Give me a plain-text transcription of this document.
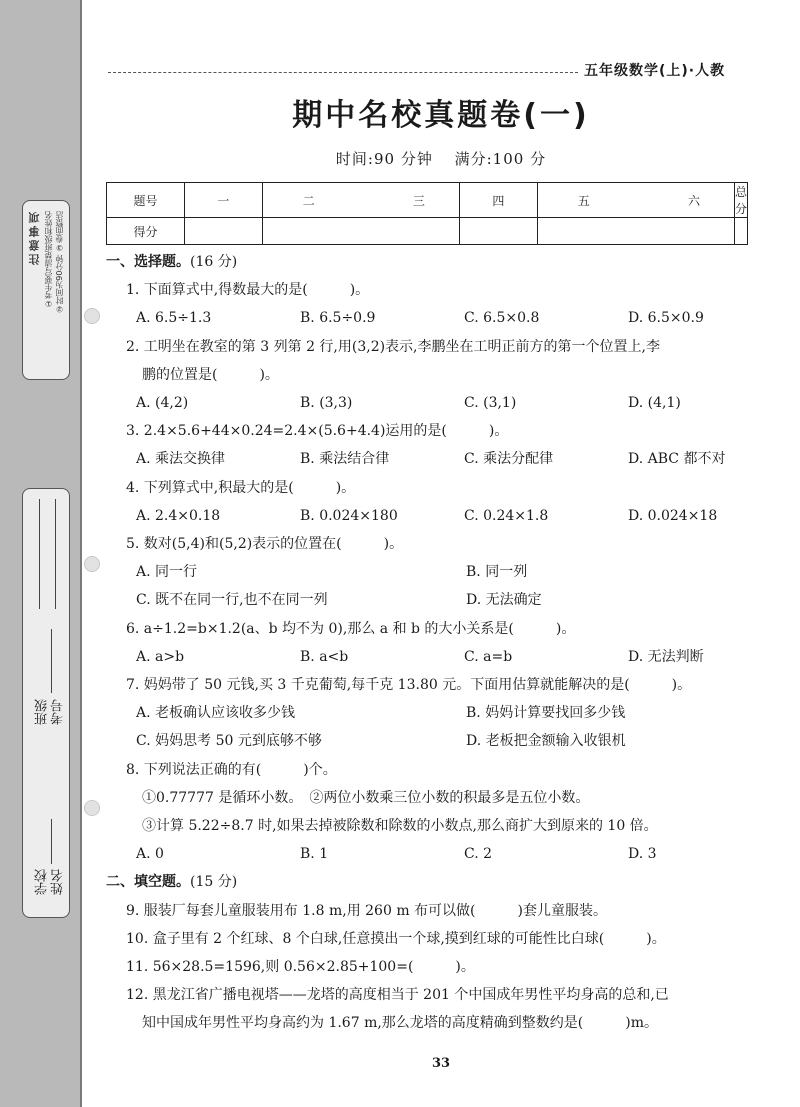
注意事项 ①考生要写清楚班级和姓名 ②时间为90分钟 ③卷面整洁
学校 姓名
班级 考号
五年级数学(上)·人教
期中名校真题卷(一)
时间:90 分钟 满分:100 分
题号	一	二 三	四	五 六	总分
得分					
一、选择题。(16 分)
1. 下面算式中,得数最大的是(　　　)。
A. 6.5÷1.3	B. 6.5÷0.9	C. 6.5×0.8	D. 6.5×0.9
2. 工明坐在教室的第 3 列第 2 行,用(3,2)表示,李鹏坐在工明正前方的第一个位置上,李
鹏的位置是(　　　)。
A. (4,2)	B. (3,3)	C. (3,1)	D. (4,1)
3. 2.4×5.6+44×0.24=2.4×(5.6+4.4)运用的是(　　　)。
A. 乘法交换律	B. 乘法结合律	C. 乘法分配律	D. ABC 都不对
4. 下列算式中,积最大的是(　　　)。
A. 2.4×0.18	B. 0.024×180	C. 0.24×1.8	D. 0.024×18
5. 数对(5,4)和(5,2)表示的位置在(　　　)。
A. 同一行	B. 同一列
C. 既不在同一行,也不在同一列	D. 无法确定
6. a÷1.2=b×1.2(a、b 均不为 0),那么 a 和 b 的大小关系是(　　　)。
A. a>b	B. a<b	C. a=b	D. 无法判断
7. 妈妈带了 50 元钱,买 3 千克葡萄,每千克 13.80 元。下面用估算就能解决的是(　　　)。
A. 老板确认应该收多少钱	B. 妈妈计算要找回多少钱
C. 妈妈思考 50 元到底够不够	D. 老板把金额输入收银机
8. 下列说法正确的有(　　　)个。
①0.77777 是循环小数。　②两位小数乘三位小数的积最多是五位小数。
③计算 5.22÷8.7 时,如果去掉被除数和除数的小数点,那么商扩大到原来的 10 倍。
A. 0	B. 1	C. 2	D. 3
二、填空题。(15 分)
9. 服装厂每套儿童服装用布 1.8 m,用 260 m 布可以做(　　　)套儿童服装。
10. 盒子里有 2 个红球、8 个白球,任意摸出一个球,摸到红球的可能性比白球(　　　)。
11. 56×28.5=1596,则 0.56×2.85+100=(　　　)。
12. 黑龙江省广播电视塔——龙塔的高度相当于 201 个中国成年男性平均身高的总和,已
知中国成年男性平均身高约为 1.67 m,那么龙塔的高度精确到整数约是(　　　)m。
33
